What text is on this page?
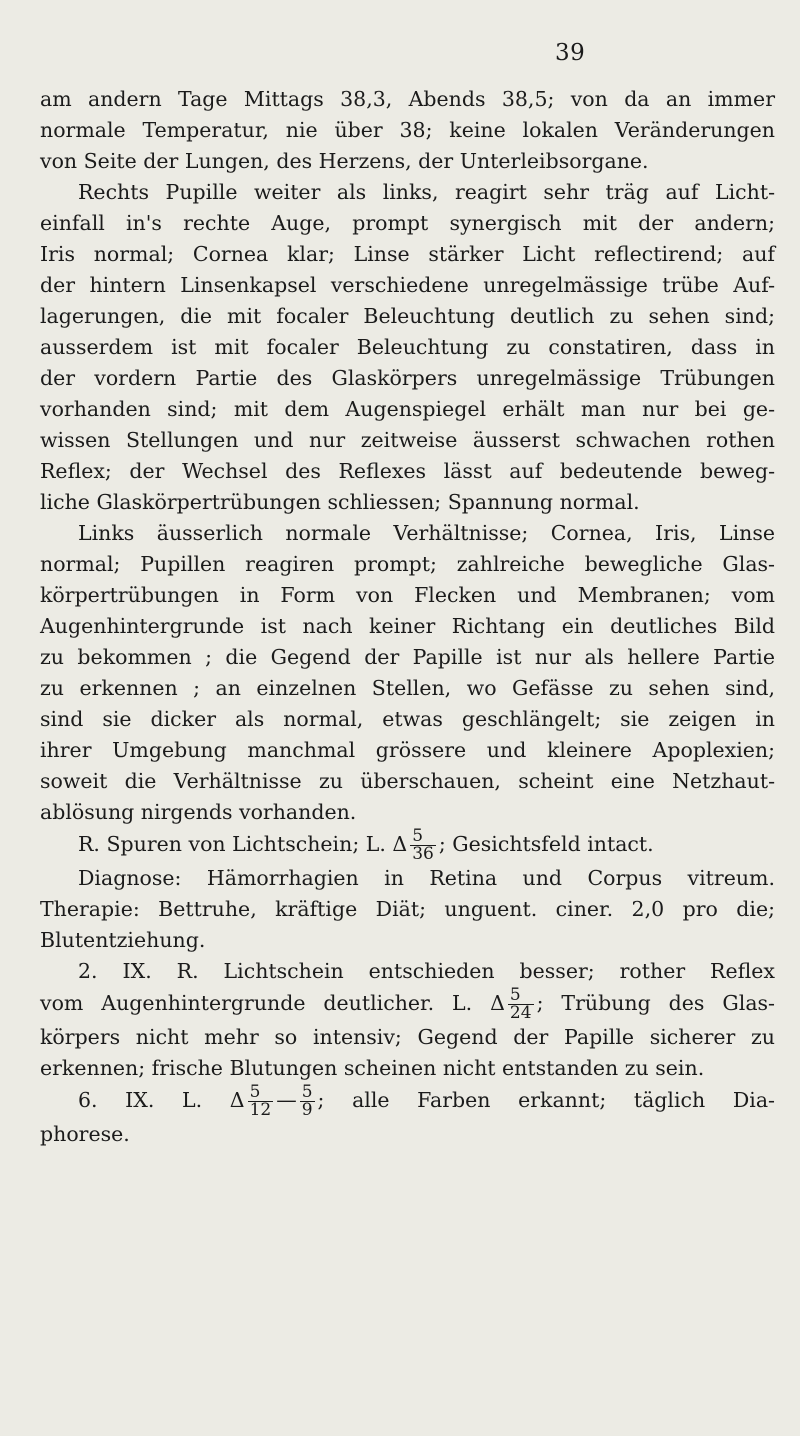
39

am andern Tage Mittags 38,3, Abends 38,5; von da an immer

normale Temperatur, nie über 38; keine lokalen Veränderungen

von Seite der Lungen, des Herzens, der Unterleibsorgane.

Rechts Pupille weiter als links, reagirt sehr träg auf Licht-

einfall in's rechte Auge, prompt synergisch mit der andern;

Iris normal; Cornea klar; Linse stärker Licht reflectirend; auf

der hintern Linsenkapsel verschiedene unregelmässige trübe Auf-

lagerungen, die mit focaler Beleuchtung deutlich zu sehen sind;

ausserdem ist mit focaler Beleuchtung zu constatiren, dass in

der vordern Partie des Glaskörpers unregelmässige Trübungen

vorhanden sind; mit dem Augenspiegel erhält man nur bei ge-

wissen Stellungen und nur zeitweise äusserst schwachen rothen

Reflex; der Wechsel des Reflexes lässt auf bedeutende beweg-

liche Glaskörpertrübungen schliessen; Spannung normal.

Links äusserlich normale Verhältnisse; Cornea, Iris, Linse

normal; Pupillen reagiren prompt; zahlreiche bewegliche Glas-

körpertrübungen in Form von Flecken und Membranen; vom

Augenhintergrunde ist nach keiner Richtang ein deutliches Bild

zu bekommen ; die Gegend der Papille ist nur als hellere Partie

zu erkennen ; an einzelnen Stellen, wo Gefässe zu sehen sind,

sind sie dicker als normal, etwas geschlängelt; sie zeigen in

ihrer Umgebung manchmal grössere und kleinere Apoplexien;

soweit die Verhältnisse zu überschauen, scheint eine Netzhaut-

ablösung nirgends vorhanden.

R. Spuren von Lichtschein; L. Δ $\frac{5}{36}$ ; Gesichtsfeld intact.

Diagnose: Hämorrhagien in Retina und Corpus vitreum.

Therapie: Bettruhe, kräftige Diät; unguent. ciner. 2,0 pro die;

Blutentziehung.

2. IX. R. Lichtschein entschieden besser; rother Reflex

vom Augenhintergrunde deutlicher. L. Δ $\frac{5}{24}$ ; Trübung des Glas-

körpers nicht mehr so intensiv; Gegend der Papille sicherer zu

erkennen; frische Blutungen scheinen nicht entstanden zu sein.

6. IX. L. Δ $\frac{5}{12}$ — $\frac{5}{9}$ ; alle Farben erkannt; täglich Dia-

phorese.
